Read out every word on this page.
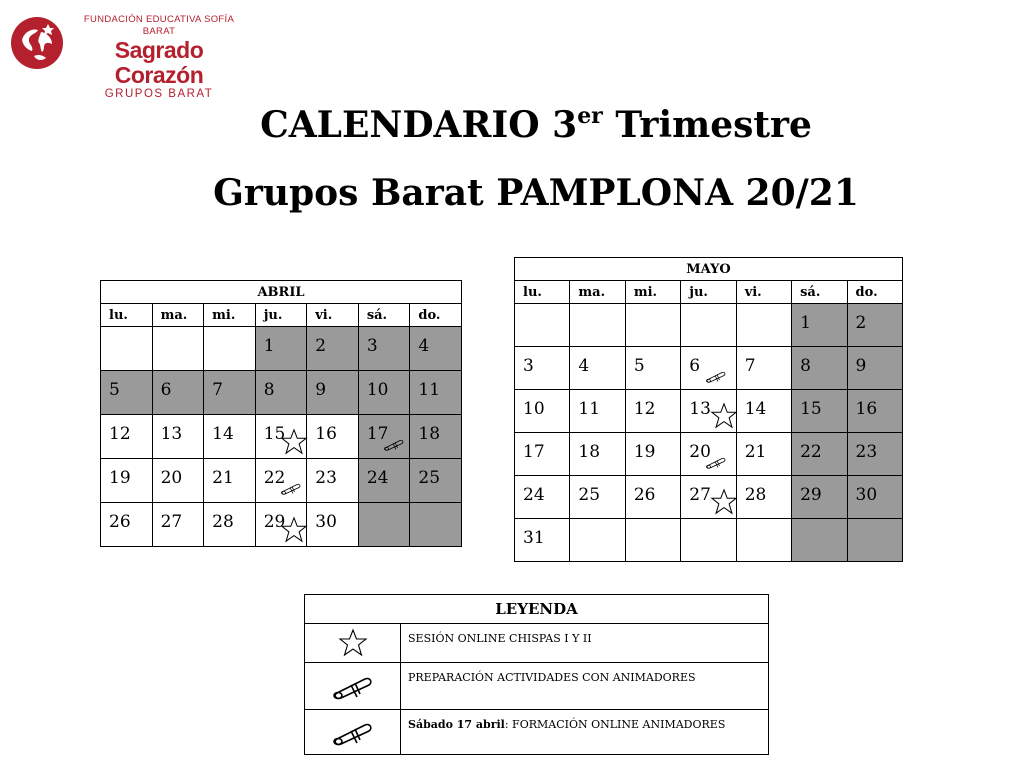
FUNDACIÓN EDUCATIVA SOFÍA BARAT
Sagrado Corazón
GRUPOS BARAT
CALENDARIO 3er Trimestre
Grupos Barat PAMPLONA 20/21
ABRIL						
lu.	ma.	mi.	ju.	vi.	sá.	do.
			1	2	3	4
5	6	7	8	9	10	11
12	13	14	15	16	17	18
19	20	21	22	23	24	25
26	27	28	29	30		
MAYO						
lu.	ma.	mi.	ju.	vi.	sá.	do.
					1	2
3	4	5	6	7	8	9
10	11	12	13	14	15	16
17	18	19	20	21	22	23
24	25	26	27	28	29	30
31						
LEYENDA	
	SESIÓN ONLINE CHISPAS I Y II
	PREPARACIÓN ACTIVIDADES CON ANIMADORES
	Sábado 17 abril: FORMACIÓN ONLINE ANIMADORES
